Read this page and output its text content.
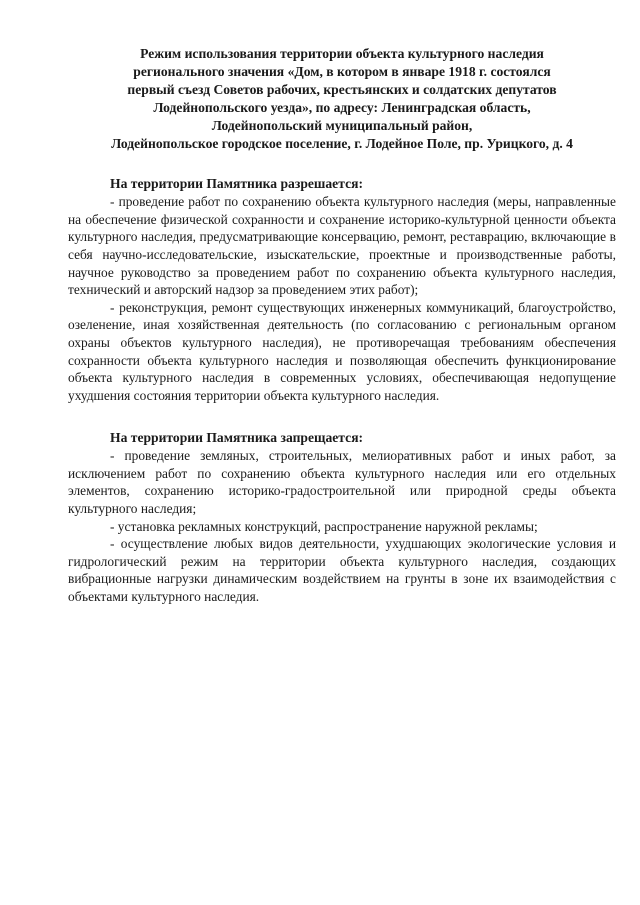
Режим использования территории объекта культурного наследия
регионального значения «Дом, в котором в январе 1918 г. состоялся
первый съезд Советов рабочих, крестьянских и солдатских депутатов
Лодейнопольского уезда», по адресу: Ленинградская область,
Лодейнопольский муниципальный район,
Лодейнопольское городское поселение, г. Лодейное Поле, пр. Урицкого, д. 4
На территории Памятника разрешается:

- проведение работ по сохранению объекта культурного наследия (меры, направленные на обеспечение физической сохранности и сохранение историко-культурной ценности объекта культурного наследия, предусматривающие консервацию, ремонт, реставрацию, включающие в себя научно-исследовательские, изыскательские, проектные и производственные работы, научное руководство за проведением работ по сохранению объекта культурного наследия, технический и авторский надзор за проведением этих работ);

- реконструкция, ремонт существующих инженерных коммуникаций, благоустройство, озеленение, иная хозяйственная деятельность (по согласованию с региональным органом охраны объектов культурного наследия), не противоречащая требованиям обеспечения сохранности объекта культурного наследия и позволяющая обеспечить функционирование объекта культурного наследия в современных условиях, обеспечивающая недопущение ухудшения состояния территории объекта культурного наследия.

На территории Памятника запрещается:

- проведение земляных, строительных, мелиоративных работ и иных работ, за исключением работ по сохранению объекта культурного наследия или его отдельных элементов, сохранению историко-градостроительной или природной среды объекта культурного наследия;

- установка рекламных конструкций, распространение наружной рекламы;

- осуществление любых видов деятельности, ухудшающих экологические условия и гидрологический режим на территории объекта культурного наследия, создающих вибрационные нагрузки динамическим воздействием на грунты в зоне их взаимодействия с объектами культурного наследия.
